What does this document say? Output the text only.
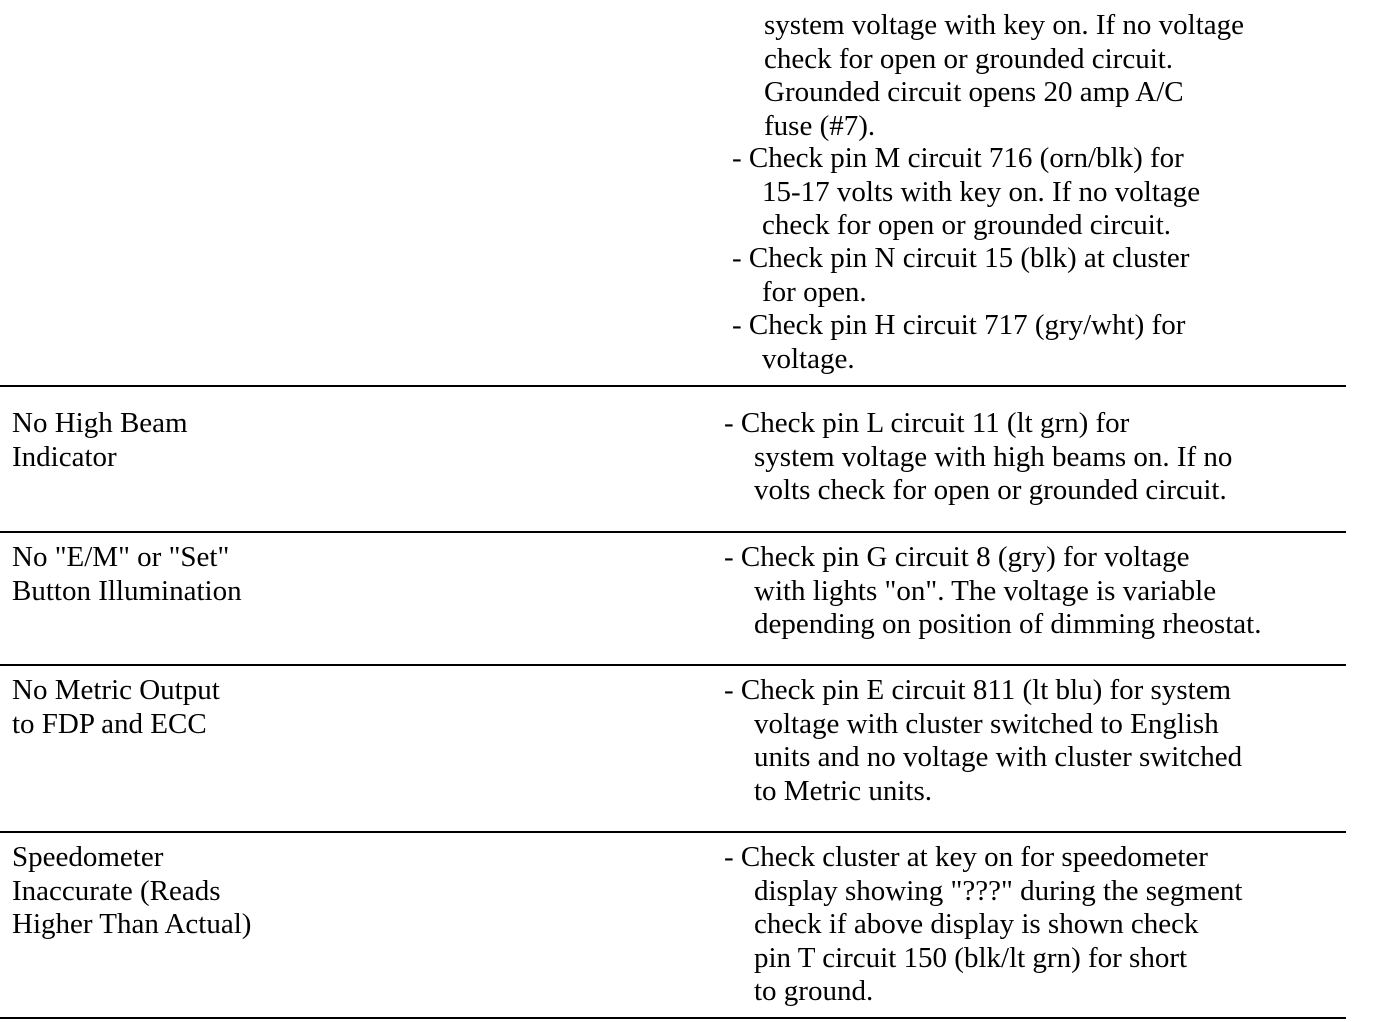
system voltage with key on. If no voltage
check for open or grounded circuit.
Grounded circuit opens 20 amp A/C
fuse (#7).
- Check pin M circuit 716 (orn/blk) for
15-17 volts with key on. If no voltage
check for open or grounded circuit.
- Check pin N circuit 15 (blk) at cluster
for open.
- Check pin H circuit 717 (gry/wht) for
voltage.
No High Beam
Indicator
- Check pin L circuit 11 (lt grn) for
system voltage with high beams on. If no
volts check for open or grounded circuit.
No "E/M" or "Set"
Button Illumination
- Check pin G circuit 8 (gry) for voltage
with lights "on". The voltage is variable
depending on position of dimming rheostat.
No Metric Output
to FDP and ECC
- Check pin E circuit 811 (lt blu) for system
voltage with cluster switched to English
units and no voltage with cluster switched
to Metric units.
Speedometer
Inaccurate (Reads
Higher Than Actual)
- Check cluster at key on for speedometer
display showing "???" during the segment
check if above display is shown check
pin T circuit 150 (blk/lt grn) for short
to ground.
